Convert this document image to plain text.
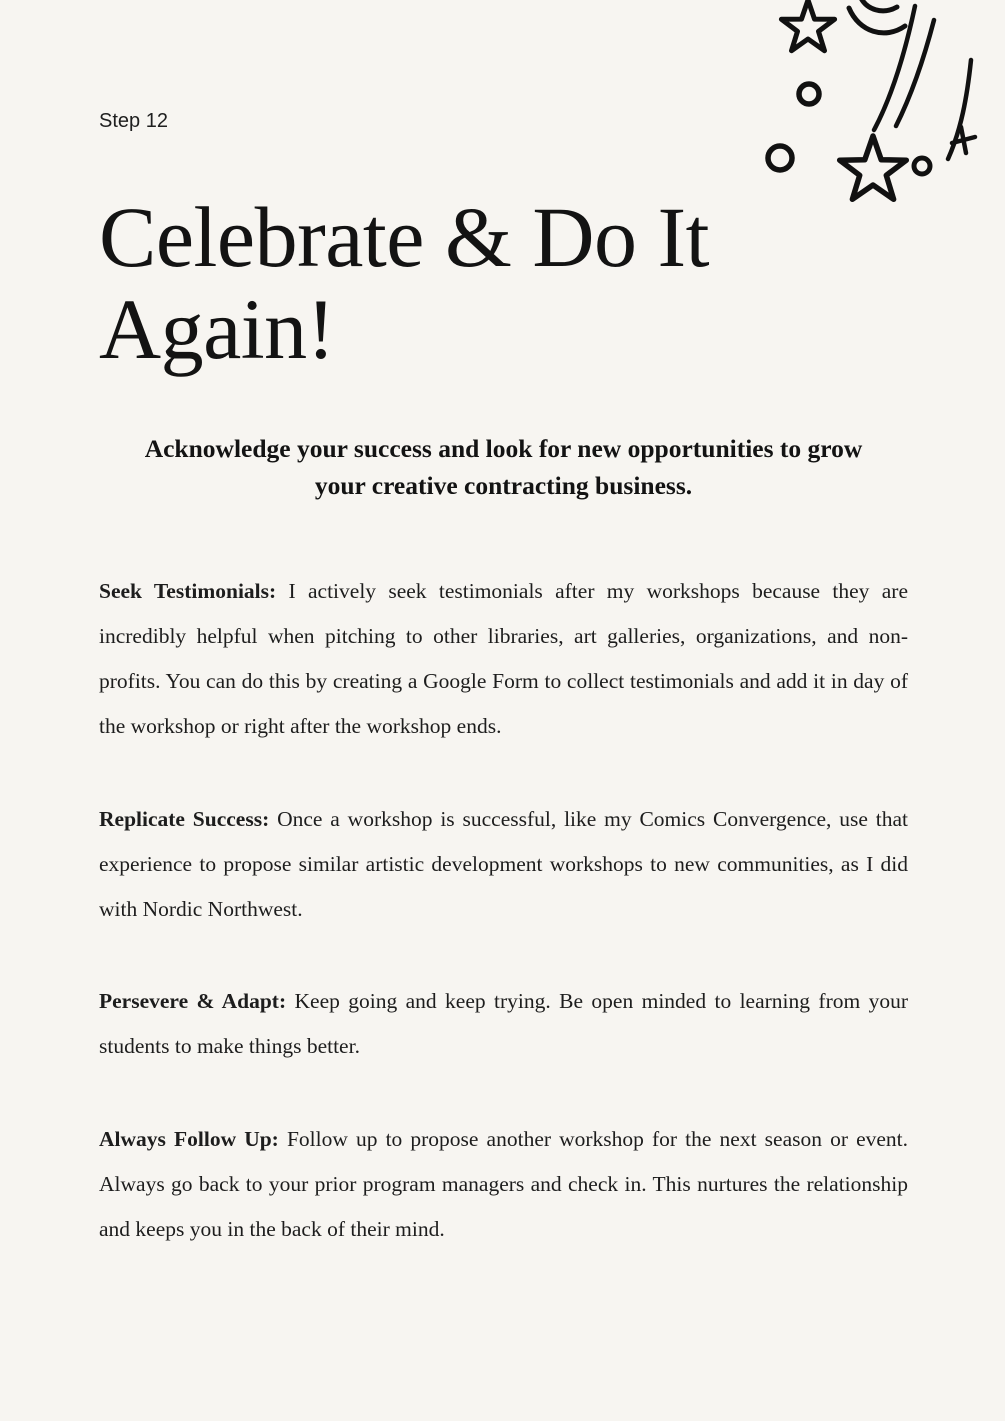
Step 12
Celebrate & Do It
Again!

Acknowledge your success and look for new opportunities to grow your creative contracting business.

Seek Testimonials: I actively seek testimonials after my workshops because they are incredibly helpful when pitching to other libraries, art galleries, organizations, and non-profits. You can do this by creating a Google Form to collect testimonials and add it in day of the workshop or right after the workshop ends.

Replicate Success: Once a workshop is successful, like my Comics Convergence, use that experience to propose similar artistic development workshops to new communities, as I did with Nordic Northwest.

Persevere & Adapt: Keep going and keep trying. Be open minded to learning from your students to make things better.

Always Follow Up: Follow up to propose another workshop for the next season or event. Always go back to your prior program managers and check in. This nurtures the relationship and keeps you in the back of their mind.
